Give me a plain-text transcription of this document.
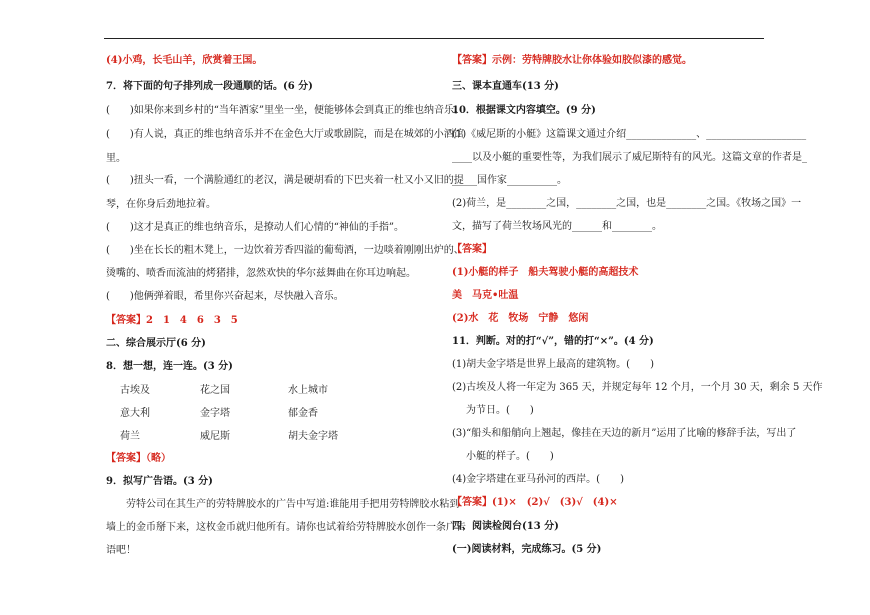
(4)小鸡，长毛山羊，欣赏着王国。
7．将下面的句子排列成一段通顺的话。(6 分)
(　　)如果你来到乡村的“当年酒家”里坐一坐，便能够体会到真正的维也纳音乐。
(　　)有人说，真正的维也纳音乐并不在金色大厅或歌剧院，而是在城郊的小酒馆
里。
(　　)扭头一看，一个满脸通红的老汉，满是硬胡看的下巴夹着一杜又小又旧的提
琴，在你身后劲地拉着。
(　　)这才是真正的维也纳音乐，是撩动人们心情的“神仙的手指”。
(　　)坐在长长的粗木凳上，一边饮着芳香四溢的葡萄酒，一边啖着刚刚出炉的、
烫嘴的、喷香而流油的烤猪排，忽然欢快的华尔兹舞曲在你耳边响起。
(　　)他俩弹着眼，希里你兴奋起来，尽快融入音乐。
【答案】2　1　4　6　3　5
二、综合展示厅(6 分)
8．想一想，连一连。(3 分)
古埃及	花之国	水上城市
意大利	金字塔	郁金香
荷兰	威尼斯	胡夫金字塔
【答案】（略）
9．拟写广告语。(3 分)
劳特公司在其生产的劳特牌胶水的广告中写道:谁能用手把用劳特牌胶水粘到
墙上的金币掰下来，这枚金币就归他所有。请你也试着给劳特牌胶水创作一条广告
语吧！
【答案】示例：劳特牌胶水让你体验如胶似漆的感觉。
三、课本直通车(13 分)
10．根据课文内容填空。(9 分)
(1)《威尼斯的小艇》这篇课文通过介绍______________、____________________
____以及小艇的重要性等，为我们展示了威尼斯特有的风光。这篇文章的作者是_
_____国作家__________。
(2)荷兰，是________之国，________之国，也是________之国。《牧场之国》一
文，描写了荷兰牧场风光的______和________。
【答案】
(1)小艇的样子　船夫驾驶小艇的高超技术
美　马克•吐温
(2)水　花　牧场　宁静　悠闲
11．判断。对的打“√”，错的打“×”。(4 分)
(1)胡夫金字塔是世界上最高的建筑物。(　　)
(2)古埃及人将一年定为 365 天，并规定每年 12 个月，一个月 30 天，剩余 5 天作
为节日。(　　)
(3)“船头和船艄向上翘起，像挂在天边的新月”运用了比喻的修辞手法，写出了
小艇的样子。(　　)
(4)金字塔建在亚马孙河的西岸。(　　)
【答案】(1)×　(2)√　(3)√　(4)×
四、阅读检阅台(13 分)
(一)阅读材料，完成练习。(5 分)
